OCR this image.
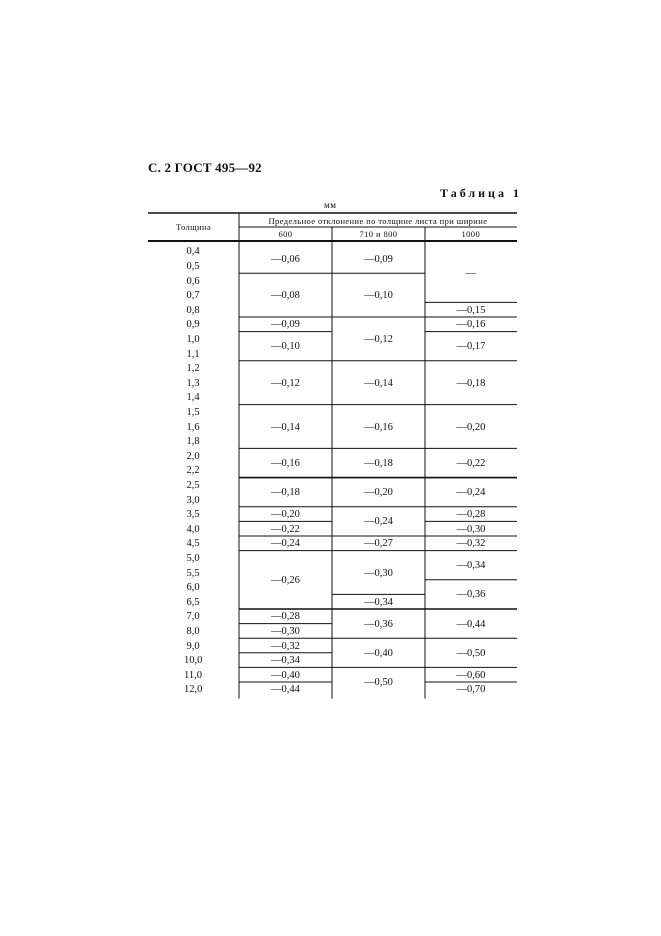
С. 2 ГОСТ 495—92
Таблица 1
мм
Толщина
Предельное отклонение по толщине листа при ширине
600	710 и 800	1000
0,4
0,5
0,6
0,7
0,8
0,9
1,0
1,1
1,2
1,3
1,4
1,5
1,6
1,8
2,0
2,2
2,5
3,0
3,5
4,0
4,5
5,0
5,5
6,0
6,5
7,0
8,0
9,0
10,0
11,0
12,0
—0,06
—0,08
—0,09
—0,10
—0,12
—0,14
—0,16
—0,18
—0,20
—0,22
—0,24
—0,26
—0,28
—0,30
—0,32
—0,34
—0,40
—0,44
—0,09
—0,10
—0,12
—0,14
—0,16
—0,18
—0,20
—0,24
—0,27
—0,30
—0,34
—0,36
—0,40
—0,50
—
—0,15
—0,16
—0,17
—0,18
—0,20
—0,22
—0,24
—0,28
—0,30
—0,32
—0,34
—0,36
—0,44
—0,50
—0,60
—0,70
